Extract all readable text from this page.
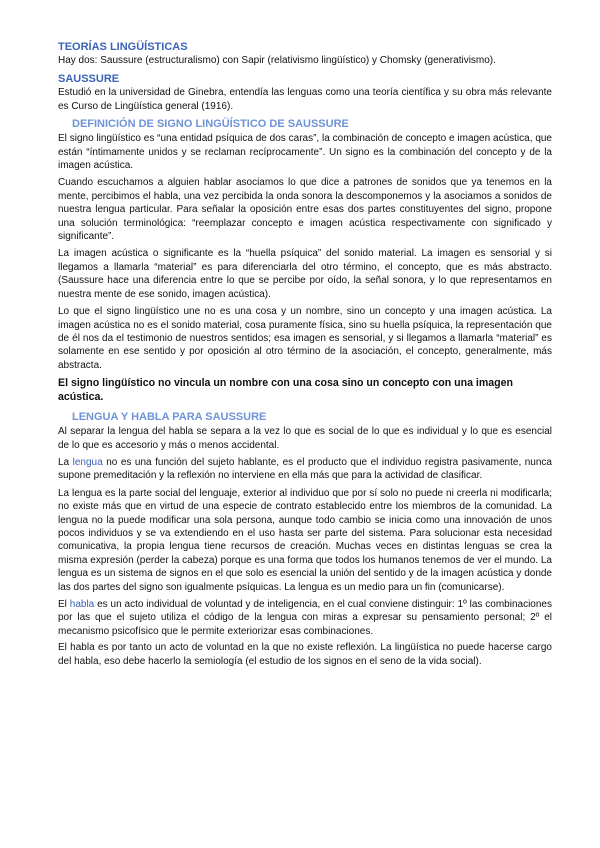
TEORÍAS LINGÜÍSTICAS

Hay dos: Saussure (estructuralismo) con Sapir (relativismo lingüístico) y Chomsky (generativismo).

SAUSSURE

Estudió en la universidad de Ginebra, entendía las lenguas como una teoría científica y su obra más relevante es Curso de Lingüística general (1916).

DEFINICIÓN DE SIGNO LINGÜÍSTICO DE SAUSSURE

El signo lingüístico es “una entidad psíquica de dos caras”, la combinación de concepto e imagen acústica, que están “íntimamente unidos y se reclaman recíprocamente”. Un signo es la combinación del concepto y de la imagen acústica.

Cuando escuchamos a alguien hablar asociamos lo que dice a patrones de sonidos que ya tenemos en la mente, percibimos el habla, una vez percibida la onda sonora la descomponemos y la asociamos a sonidos de nuestra lengua particular. Para señalar la oposición entre esas dos partes constituyentes del signo, propone una solución terminológica: “reemplazar concepto e imagen acústica respectivamente con significado y significante”.

La imagen acústica o significante es la “huella psíquica” del sonido material. La imagen es sensorial y si llegamos a llamarla “material” es para diferenciarla del otro término, el concepto, que es más abstracto. (Saussure hace una diferencia entre lo que se percibe por oído, la señal sonora, y lo que representamos en nuestra mente de ese sonido, imagen acústica).

Lo que el signo lingüístico une no es una cosa y un nombre, sino un concepto y una imagen acústica. La imagen acústica no es el sonido material, cosa puramente física, sino su huella psíquica, la representación que de él nos da el testimonio de nuestros sentidos; esa imagen es sensorial, y si llegamos a llamarla “material” es solamente en ese sentido y por oposición al otro término de la asociación, el concepto, generalmente, más abstracta.

El signo lingüístico no vincula un nombre con una cosa sino un concepto con una imagen acústica.

LENGUA Y HABLA PARA SAUSSURE

Al separar la lengua del habla se separa a la vez lo que es social de lo que es individual y lo que es esencial de lo que es accesorio y más o menos accidental.

La lengua no es una función del sujeto hablante, es el producto que el individuo registra pasivamente, nunca supone premeditación y la reflexión no interviene en ella más que para la actividad de clasificar.

La lengua es la parte social del lenguaje, exterior al individuo que por sí solo no puede ni creerla ni modificarla; no existe más que en virtud de una especie de contrato establecido entre los miembros de la comunidad. La lengua no la puede modificar una sola persona, aunque todo cambio se inicia como una innovación de unos pocos individuos y se va extendiendo en el uso hasta ser parte del sistema. Para solucionar esta necesidad comunicativa, la propia lengua tiene recursos de creación. Muchas veces en distintas lenguas se crea la misma expresión (perder la cabeza) porque es una forma que todos los humanos tenemos de ver el mundo. La lengua es un sistema de signos en el que solo es esencial la unión del sentido y de la imagen acústica y donde las dos partes del signo son igualmente psíquicas. La lengua es un medio para un fin (comunicarse).

El habla es un acto individual de voluntad y de inteligencia, en el cual conviene distinguir: 1º las combinaciones por las que el sujeto utiliza el código de la lengua con miras a expresar su pensamiento personal; 2º el mecanismo psicofísico que le permite exteriorizar esas combinaciones.

El habla es por tanto un acto de voluntad en la que no existe reflexión. La lingüística no puede hacerse cargo del habla, eso debe hacerlo la semiología (el estudio de los signos en el seno de la vida social).
